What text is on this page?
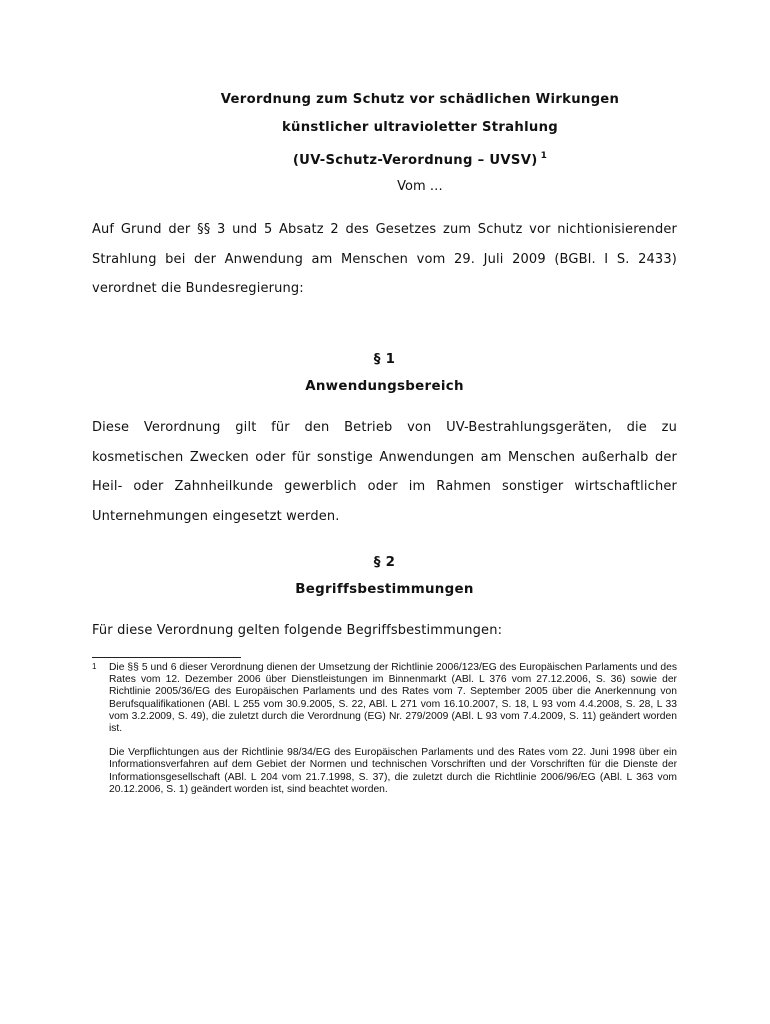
Verordnung zum Schutz vor schädlichen Wirkungen
künstlicher ultravioletter Strahlung
(UV-Schutz-Verordnung – UVSV) $^1$
Vom …
Auf Grund der §§ 3 und 5 Absatz 2 des Gesetzes zum Schutz vor nichtionisierender Strahlung bei der Anwendung am Menschen vom 29. Juli 2009 (BGBl. I S. 2433) verordnet die Bundesregierung:
§ 1
Anwendungsbereich
Diese Verordnung gilt für den Betrieb von UV-Bestrahlungsgeräten, die zu kosmetischen Zwecken oder für sonstige Anwendungen am Menschen außerhalb der Heil- oder Zahnheilkunde gewerblich oder im Rahmen sonstiger wirtschaftlicher Unternehmungen eingesetzt werden.
§ 2
Begriffsbestimmungen
Für diese Verordnung gelten folgende Begriffsbestimmungen:
1 Die §§ 5 und 6 dieser Verordnung dienen der Umsetzung der Richtlinie 2006/123/EG des Europäischen Parlaments und des Rates vom 12. Dezember 2006 über Dienstleistungen im Binnenmarkt (ABl. L 376 vom 27.12.2006, S. 36) sowie der Richtlinie 2005/36/EG des Europäischen Parlaments und des Rates vom 7. September 2005 über die Anerkennung von Berufsqualifikationen (ABl. L 255 vom 30.9.2005, S. 22, ABl. L 271 vom 16.10.2007, S. 18, L 93 vom 4.4.2008, S. 28, L 33 vom 3.2.2009, S. 49), die zuletzt durch die Verordnung (EG) Nr. 279/2009 (ABl. L 93 vom 7.4.2009, S. 11) geändert worden ist.
Die Verpflichtungen aus der Richtlinie 98/34/EG des Europäischen Parlaments und des Rates vom 22. Juni 1998 über ein Informationsverfahren auf dem Gebiet der Normen und technischen Vorschriften und der Vorschriften für die Dienste der Informationsgesellschaft (ABl. L 204 vom 21.7.1998, S. 37), die zuletzt durch die Richtlinie 2006/96/EG (ABl. L 363 vom 20.12.2006, S. 1) geändert worden ist, sind beachtet worden.
